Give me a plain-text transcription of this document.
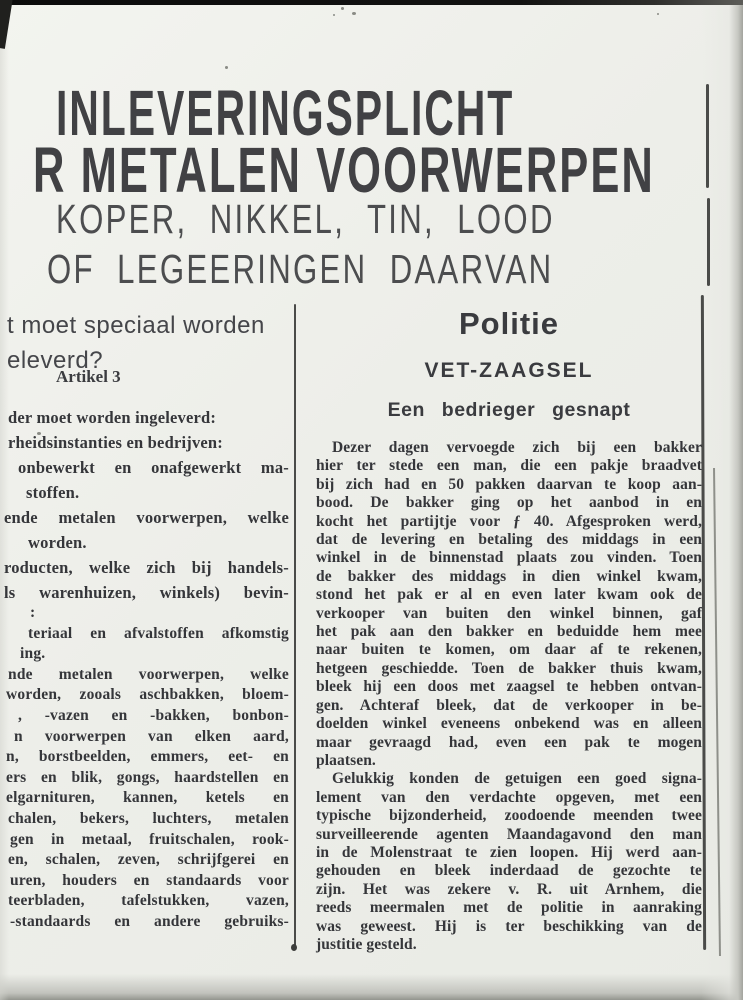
INLEVERINGSPLICHT
R METALEN VOORWERPEN
KOPER, NIKKEL, TIN, LOOD
OF LEGEERINGEN DAARVAN
t moet speciaal worden
eleverd?
Artikel 3
der moet worden ingeleverd:
rheidsinstanties en bedrijven:
onbewerkt en onafgewerkt ma-
stoffen.
ende metalen voorwerpen, welke
worden.
roducten, welke zich bij handels-
ls warenhuizen, winkels) bevin-
:
teriaal en afvalstoffen afkomstig
ing.
nde metalen voorwerpen, welke
worden, zooals aschbakken, bloem-
, -vazen en -bakken, bonbon-
n voorwerpen van elken aard,
n, borstbeelden, emmers, eet- en
ers en blik, gongs, haardstellen en
elgarnituren, kannen, ketels en
chalen, bekers, luchters, metalen
gen in metaal, fruitschalen, rook-
en, schalen, zeven, schrijfgerei en
uren, houders en standaards voor
teerbladen, tafelstukken, vazen,
-standaards en andere gebruiks-
Politie
VET-ZAAGSEL
Een bedrieger gesnapt
Dezer dagen vervoegde zich bij een bakker
hier ter stede een man, die een pakje braadvet
bij zich had en 50 pakken daarvan te koop aan-
bood. De bakker ging op het aanbod in en
kocht het partijtje voor ƒ 40. Afgesproken werd,
dat de levering en betaling des middags in een
winkel in de binnenstad plaats zou vinden. Toen
de bakker des middags in dien winkel kwam,
stond het pak er al en even later kwam ook de
verkooper van buiten den winkel binnen, gaf
het pak aan den bakker en beduidde hem mee
naar buiten te komen, om daar af te rekenen,
hetgeen geschiedde. Toen de bakker thuis kwam,
bleek hij een doos met zaagsel te hebben ontvan-
gen. Achteraf bleek, dat de verkooper in be-
doelden winkel eveneens onbekend was en alleen
maar gevraagd had, even een pak te mogen
plaatsen.
Gelukkig konden de getuigen een goed signa-
lement van den verdachte opgeven, met een
typische bijzonderheid, zoodoende meenden twee
surveilleerende agenten Maandagavond den man
in de Molenstraat te zien loopen. Hij werd aan-
gehouden en bleek inderdaad de gezochte te
zijn. Het was zekere v. R. uit Arnhem, die
reeds meermalen met de politie in aanraking
was geweest. Hij is ter beschikking van de
justitie gesteld.
